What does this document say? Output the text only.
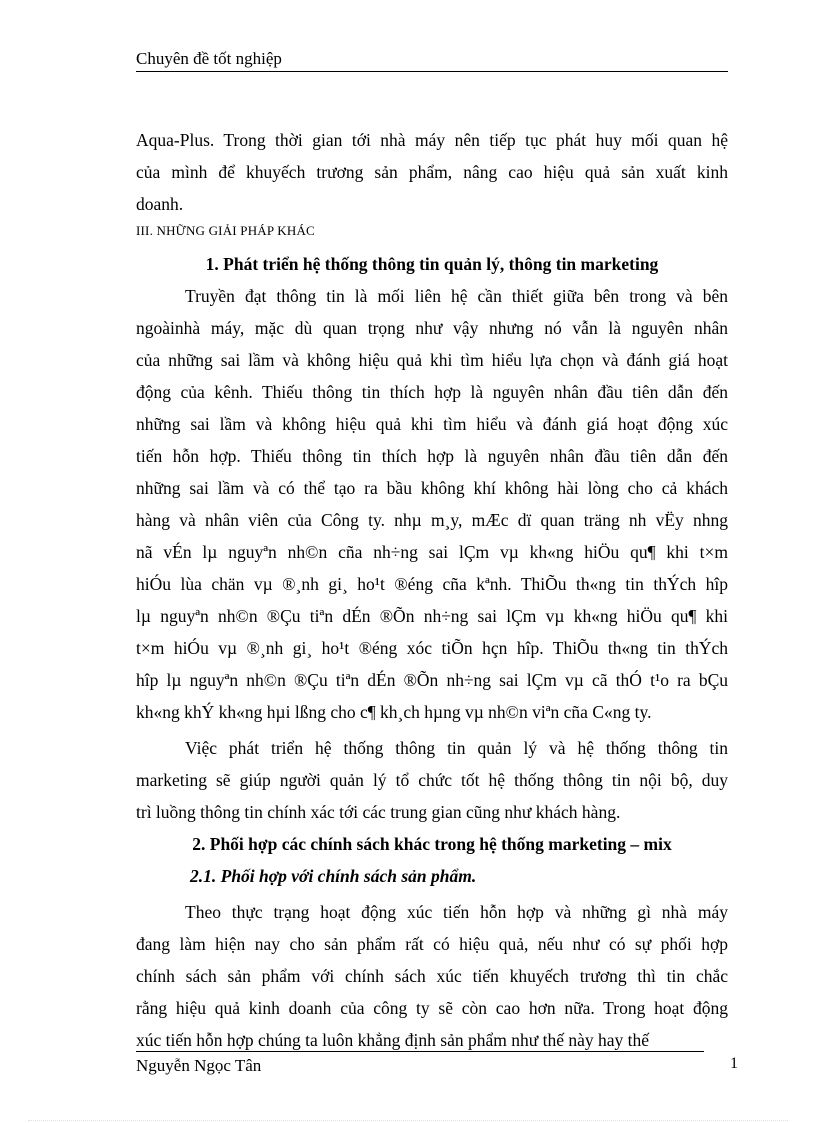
Chuyên đề tốt nghiệp
Aqua-Plus. Trong thời gian tới nhà máy nên tiếp tục phát huy mối quan hệ
của mình để khuyếch trương sản phẩm, nâng cao hiệu quả sản xuất kinh
doanh.
III. NHỮNG GIẢI PHÁP KHÁC
1. Phát triển hệ thống thông tin quản lý, thông tin marketing
Truyền đạt thông tin là mối liên hệ cần thiết giữa bên trong và bên
ngoàinhà máy, mặc dù quan trọng như vậy nhưng nó vẫn là nguyên nhân
của những sai lầm và không hiệu quả khi tìm hiểu lựa chọn và đánh giá hoạt
động của kênh. Thiếu thông tin thích hợp là nguyên nhân đầu tiên dẫn đến
những sai lầm và không hiệu quả khi tìm hiểu và đánh giá hoạt động xúc
tiến hỗn hợp. Thiếu thông tin thích hợp là nguyên nhân đầu tiên dẫn đến
những sai lầm và có thể tạo ra bầu không khí không hài lòng cho cả khách
hàng và nhân viên của Công ty. nhµ m¸y, mÆc dï quan träng nh vËy nhng
nã vÉn lµ nguyªn nh©n cña nh÷ng sai lÇm vµ kh«ng hiÖu qu¶ khi t×m
hiÓu lùa chän vµ ®¸nh gi¸ ho¹t ®éng cña kªnh. ThiÕu th«ng tin thÝch hîp
lµ nguyªn nh©n ®Çu tiªn dÉn ®Õn nh÷ng sai lÇm vµ kh«ng hiÖu qu¶ khi
t×m hiÓu vµ ®¸nh gi¸ ho¹t ®éng xóc tiÕn hçn hîp. ThiÕu th«ng tin thÝch
hîp lµ nguyªn nh©n ®Çu tiªn dÉn ®Õn nh÷ng sai lÇm vµ cã thÓ t¹o ra bÇu
kh«ng khÝ kh«ng hµi lßng cho c¶ kh¸ch hµng vµ nh©n viªn cña C«ng ty.
Việc phát triển hệ thống thông tin quản lý và hệ thống thông tin
marketing sẽ giúp người quản lý tổ chức tốt hệ thống thông tin nội bộ, duy
trì luồng thông tin chính xác tới các trung gian cũng như khách hàng.
2. Phối hợp các chính sách khác trong hệ thống marketing – mix
2.1. Phối hợp với chính sách sản phẩm.
Theo thực trạng hoạt động xúc tiến hỗn hợp và những gì nhà máy
đang làm hiện nay cho sản phẩm rất có hiệu quả, nếu như có sự phối hợp
chính sách sản phẩm với chính sách xúc tiến khuyếch trương thì tin chắc
rằng hiệu quả kinh doanh của công ty sẽ còn cao hơn nữa. Trong hoạt động
xúc tiến hỗn hợp chúng ta luôn khẳng định sản phẩm như thế này hay thế
Nguyễn Ngọc Tân	1
